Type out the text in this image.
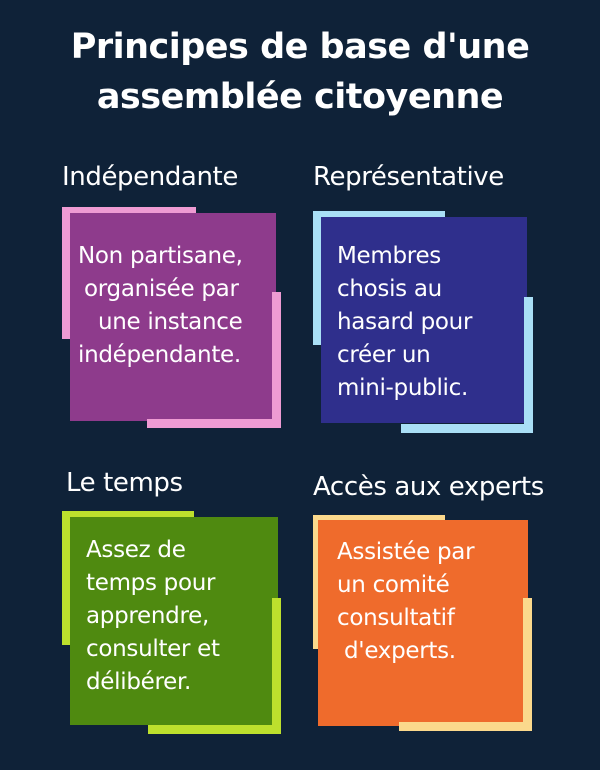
Principes de base d'une
assemblée citoyenne
Indépendante
Non partisane,
organisée par
une instance
indépendante.
Représentative
Membres
chosis au
hasard pour
créer un
mini-public.
Le temps
Assez de
temps pour
apprendre,
consulter et
délibérer.
Accès aux experts
Assistée par
un comité
consultatif
d'experts.
